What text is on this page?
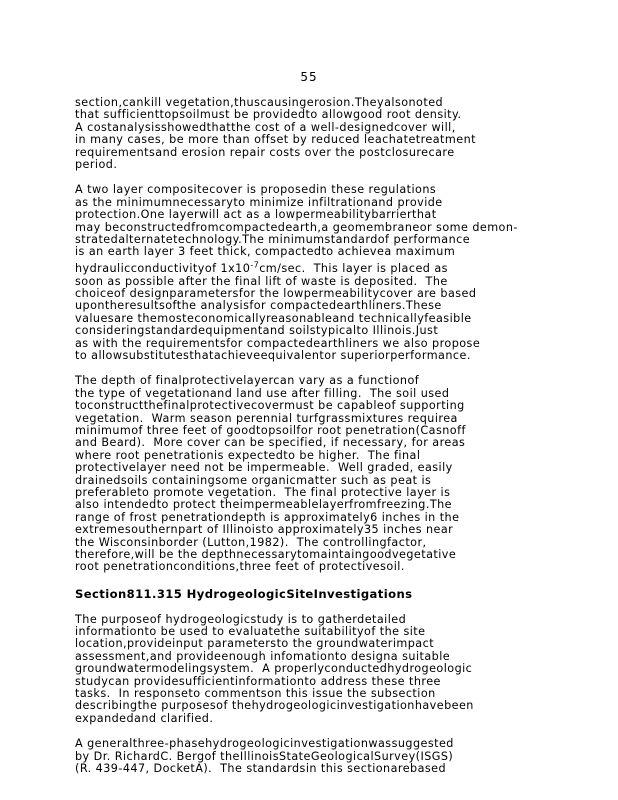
55
section,cankill vegetation,thuscausingerosion.Theyalsonoted
that sufficienttopsoilmust be providedto allowgood root density.
A costanalysisshowedthatthe cost of a well-designedcover will,
in many cases, be more than offset by reduced leachatetreatment
requirementsand erosion repair costs over the postclosurecare
period.
A two layer compositecover is proposedin these regulations
as the minimumnecessaryto minimize infiltrationand provide
protection.One layerwill act as a lowpermeabilitybarrierthat
may beconstructedfromcompactedearth,a geomembraneor some demon-
stratedalternatetechnology.The minimumstandardof performance
is an earth layer 3 feet thick, compactedto achievea maximum
hydraulicconductivityof $1x10^{-7}cm/\sec$.  This layer is placed as
soon as possible after the final lift of waste is deposited.  The
choiceof designparametersfor the lowpermeabilitycover are based
upontheresultsofthe analysisfor compactedearthliners.These
valuesare themosteconomicallyreasonableand technicallyfeasible
consideringstandardequipmentand soilstypicalto Illinois.Just
as with the requirementsfor compactedearthliners we also propose
to allowsubstitutesthatachieveequivalentor superiorperformance.
The depth of finalprotectivelayercan vary as a functionof
the type of vegetationand land use after filling.  The soil used
toconstructthefinalprotectivecovermust be capableof supporting
vegetation.  Warm season perennial turfgrassmixtures requirea
minimumof three feet of goodtopsoilfor root penetration(Casnoff
and Beard).  More cover can be specified, if necessary, for areas
where root penetrationis expectedto be higher.  The final
protectivelayer need not be impermeable.  Well graded, easily
drainedsoils containingsome organicmatter such as peat is
preferableto promote vegetation.  The final protective layer is
also intendedto protect theimpermeablelayerfromfreezing.The
range of frost penetrationdepth is approximately6 inches in the
extremesouthernpart of Illinoisto approximately35 inches near
the Wisconsinborder (Lutton,1982).  The controllingfactor,
therefore,will be the depthnecessarytomaintaingoodvegetative
root penetrationconditions,three feet of protectivesoil.
Section811.315 HydrogeologicSiteInvestigations
The purposeof hydrogeologicstudy is to gatherdetailed
informationto be used to evaluatethe suitabilityof the site
location,provideinput parametersto the groundwaterimpact
assessment,and provideenough infomationto designa suitable
groundwatermodelingsystem.  A properlyconductedhydrogeologic
studycan providesufficientinformationto address these three
tasks.  In responseto commentson this issue the subsection
describingthe purposesof thehydrogeologicinvestigationhavebeen
expandedand clarified.
A generalthree-phasehydrogeologicinvestigationwassuggested
by Dr. RichardC. Bergof theIllinoisStateGeologicalSurvey(ISGS)
(R. 439-447, DocketA).  The standardsin this sectionarebased
